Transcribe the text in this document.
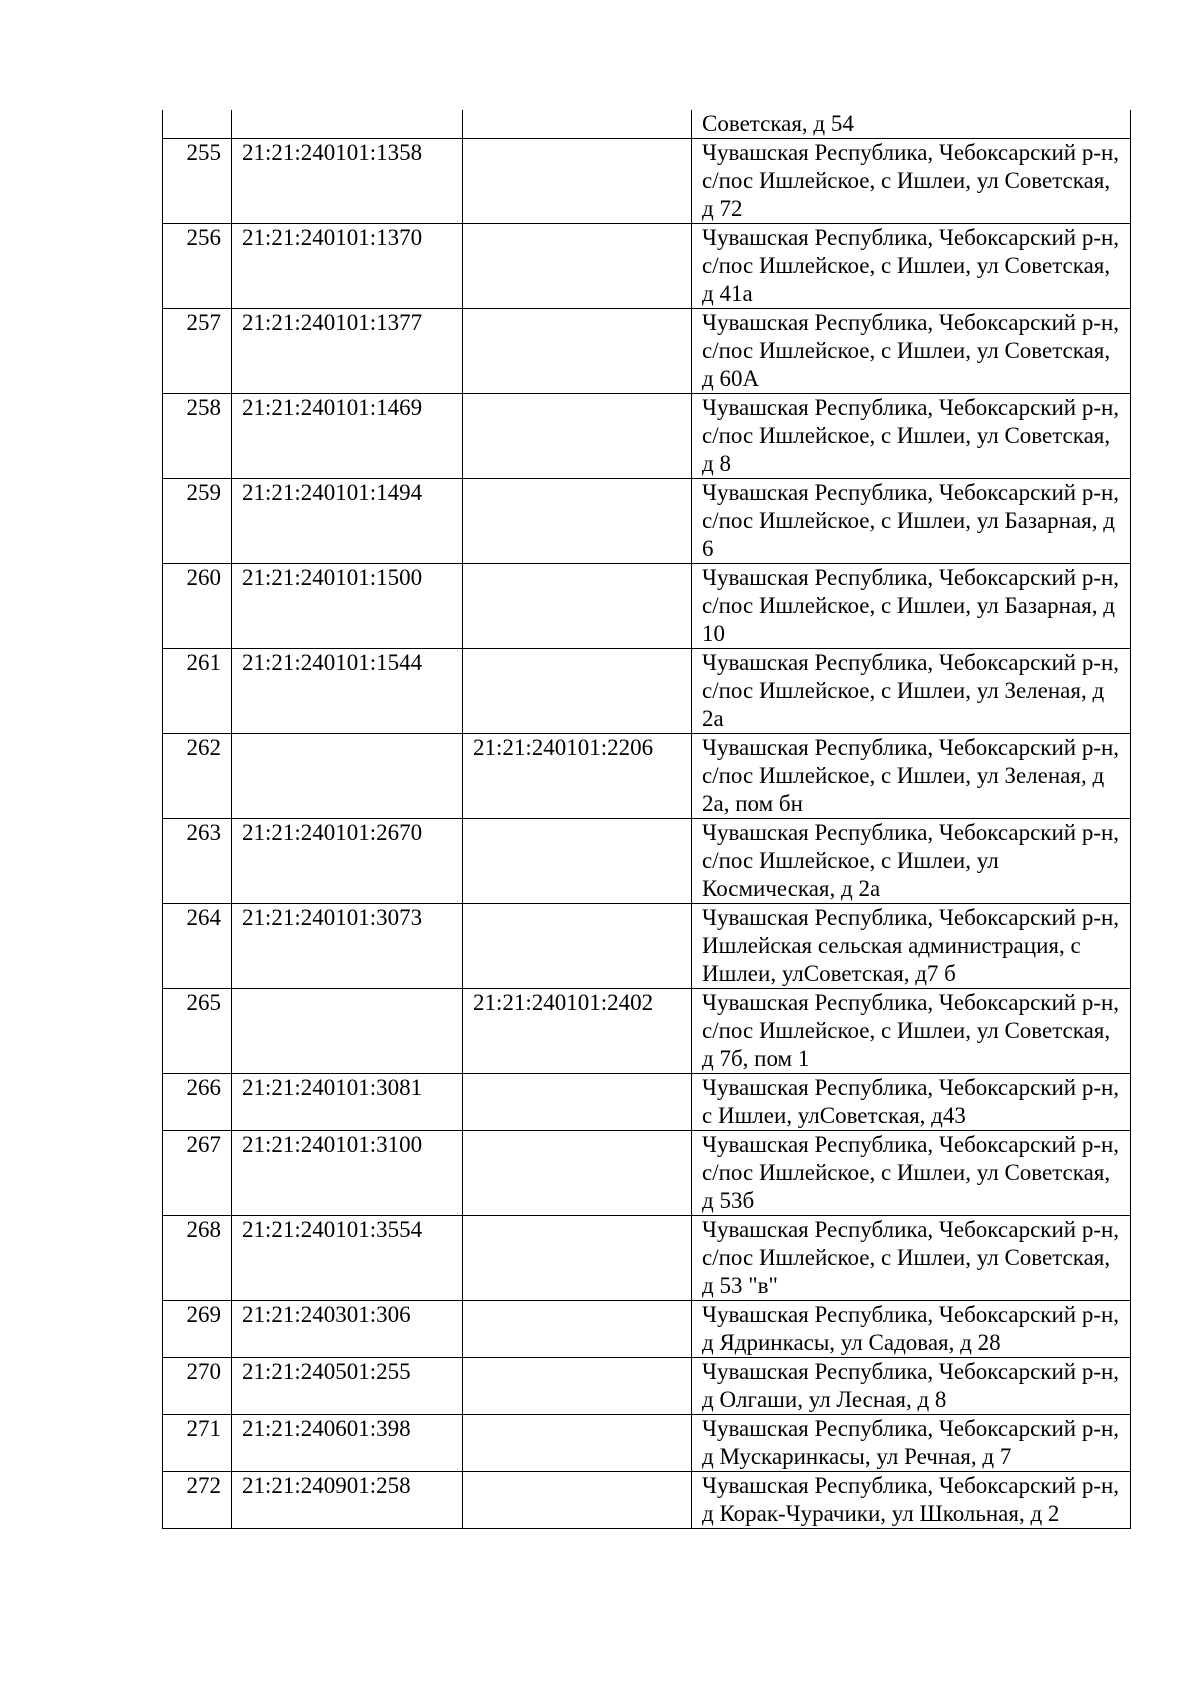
			Советская, д 54
255	21:21:240101:1358		Чувашская Республика, Чебоксарский р-н, с/пос Ишлейское, с Ишлеи, ул Советская, д 72
256	21:21:240101:1370		Чувашская Республика, Чебоксарский р-н, с/пос Ишлейское, с Ишлеи, ул Советская, д 41а
257	21:21:240101:1377		Чувашская Республика, Чебоксарский р-н, с/пос Ишлейское, с Ишлеи, ул Советская, д 60А
258	21:21:240101:1469		Чувашская Республика, Чебоксарский р-н, с/пос Ишлейское, с Ишлеи, ул Советская, д 8
259	21:21:240101:1494		Чувашская Республика, Чебоксарский р-н, с/пос Ишлейское, с Ишлеи, ул Базарная, д 6
260	21:21:240101:1500		Чувашская Республика, Чебоксарский р-н, с/пос Ишлейское, с Ишлеи, ул Базарная, д 10
261	21:21:240101:1544		Чувашская Республика, Чебоксарский р-н, с/пос Ишлейское, с Ишлеи, ул Зеленая, д 2а
262		21:21:240101:2206	Чувашская Республика, Чебоксарский р-н, с/пос Ишлейское, с Ишлеи, ул Зеленая, д 2а, пом бн
263	21:21:240101:2670		Чувашская Республика, Чебоксарский р-н, с/пос Ишлейское, с Ишлеи, ул Космическая, д 2а
264	21:21:240101:3073		Чувашская Республика, Чебоксарский р-н, Ишлейская сельская администрация, с Ишлеи, улСоветская, д7 б
265		21:21:240101:2402	Чувашская Республика, Чебоксарский р-н, с/пос Ишлейское, с Ишлеи, ул Советская, д 7б, пом 1
266	21:21:240101:3081		Чувашская Республика, Чебоксарский р-н, с Ишлеи, улСоветская, д43
267	21:21:240101:3100		Чувашская Республика, Чебоксарский р-н, с/пос Ишлейское, с Ишлеи, ул Советская, д 53б
268	21:21:240101:3554		Чувашская Республика, Чебоксарский р-н, с/пос Ишлейское, с Ишлеи, ул Советская, д 53 "в"
269	21:21:240301:306		Чувашская Республика, Чебоксарский р-н, д Ядринкасы, ул Садовая, д 28
270	21:21:240501:255		Чувашская Республика, Чебоксарский р-н, д Олгаши, ул Лесная, д 8
271	21:21:240601:398		Чувашская Республика, Чебоксарский р-н, д Мускаринкасы, ул Речная, д 7
272	21:21:240901:258		Чувашская Республика, Чебоксарский р-н, д Корак-Чурачики, ул Школьная, д 2
